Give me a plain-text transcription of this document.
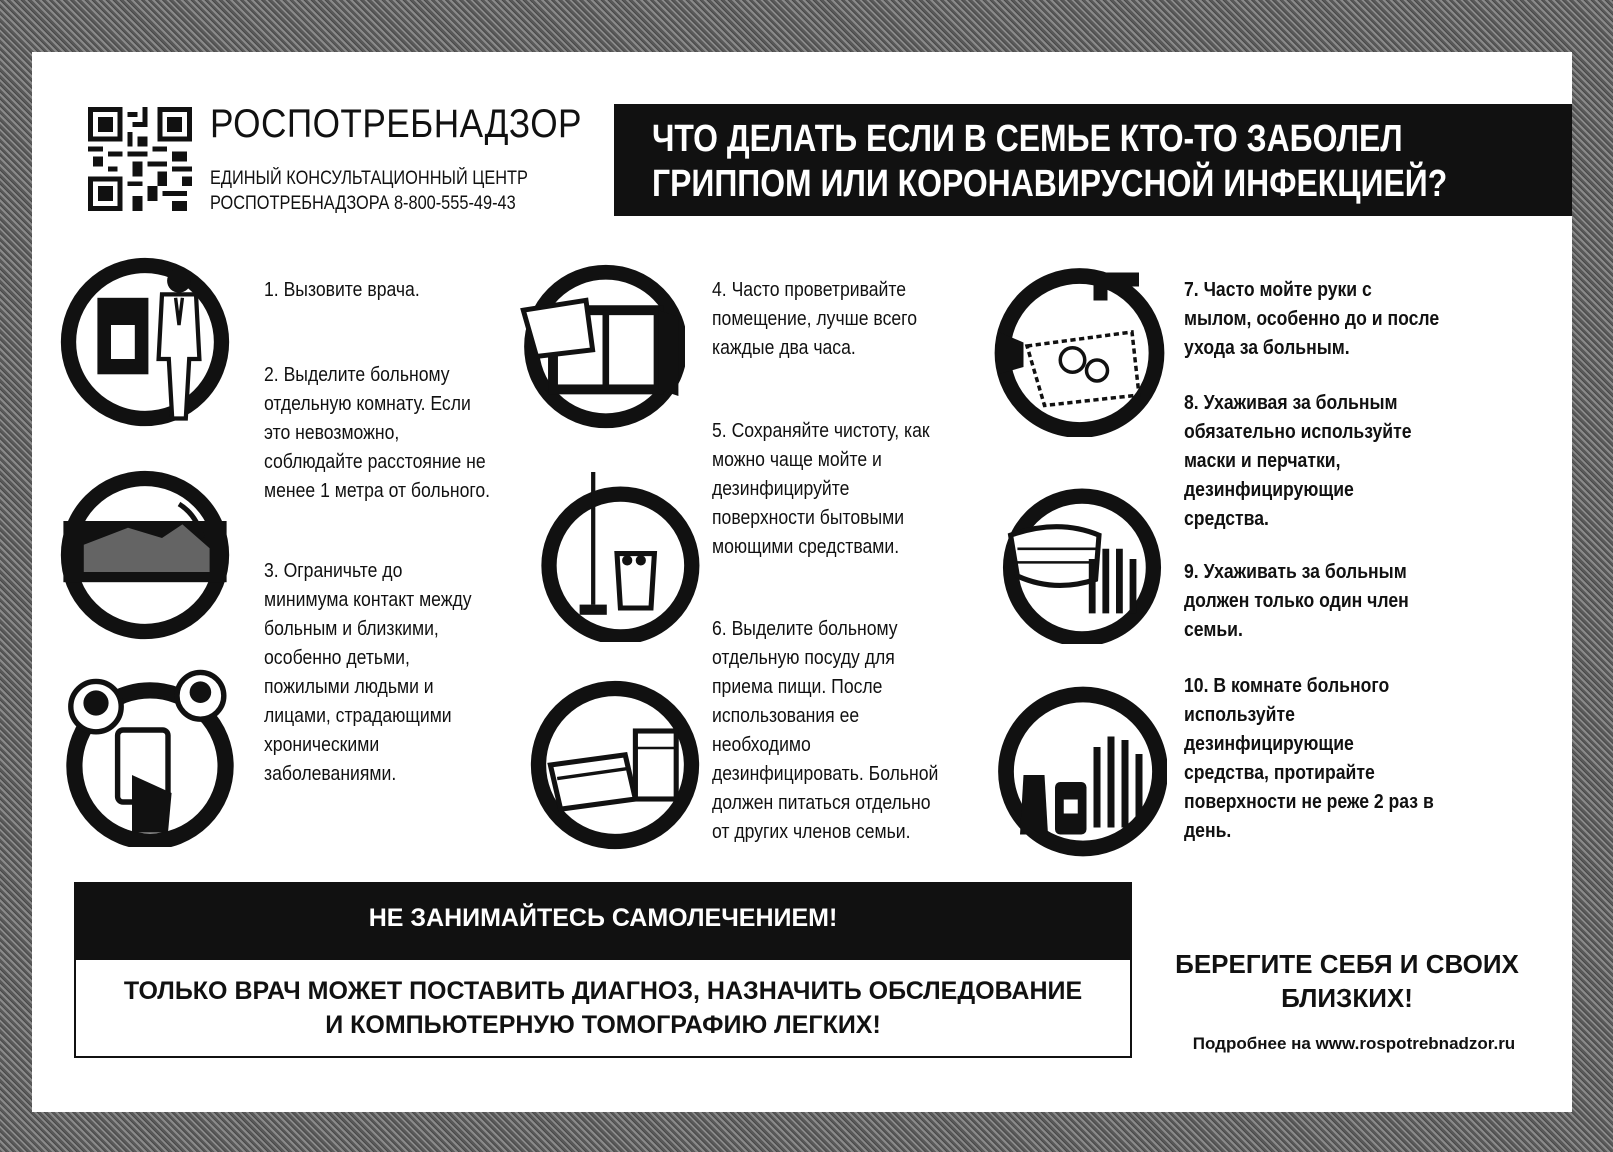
РОСПОТРЕБНАДЗОР
ЕДИНЫЙ КОНСУЛЬТАЦИОННЫЙ ЦЕНТР
РОСПОТРЕБНАДЗОРА 8-800-555-49-43
ЧТО ДЕЛАТЬ ЕСЛИ В СЕМЬЕ КТО-ТО ЗАБОЛЕЛ
ГРИППОМ ИЛИ КОРОНАВИРУСНОЙ ИНФЕКЦИЕЙ?
1. Вызовите врача.
2. Выделите больному
отдельную комнату. Если
это невозможно,
соблюдайте расстояние не
менее 1 метра от больного.
3. Ограничьте до
минимума контакт между
больным и близкими,
особенно детьми,
пожилыми людьми и
лицами, страдающими
хроническими
заболеваниями.
4. Часто проветривайте
помещение, лучше всего
каждые два часа.
5. Сохраняйте чистоту, как
можно чаще мойте и
дезинфицируйте
поверхности бытовыми
моющими средствами.
6. Выделите больному
отдельную посуду для
приема пищи. После
использования ее
необходимо
дезинфицировать. Больной
должен питаться отдельно
от других членов семьи.
7. Часто мойте руки с
мылом, особенно до и после
ухода за больным.
8. Ухаживая за больным
обязательно используйте
маски и перчатки,
дезинфицирующие
средства.
9. Ухаживать за больным
должен только один член
семьи.
10. В комнате больного
используйте
дезинфицирующие
средства, протирайте
поверхности не реже 2 раз в
день.
НЕ ЗАНИМАЙТЕСЬ САМОЛЕЧЕНИЕМ!
ТОЛЬКО ВРАЧ МОЖЕТ ПОСТАВИТЬ ДИАГНОЗ, НАЗНАЧИТЬ ОБСЛЕДОВАНИЕ
И КОМПЬЮТЕРНУЮ ТОМОГРАФИЮ ЛЕГКИХ!
БЕРЕГИТЕ СЕБЯ И СВОИХ
БЛИЗКИХ!
Подробнее на www.rospotrebnadzor.ru
